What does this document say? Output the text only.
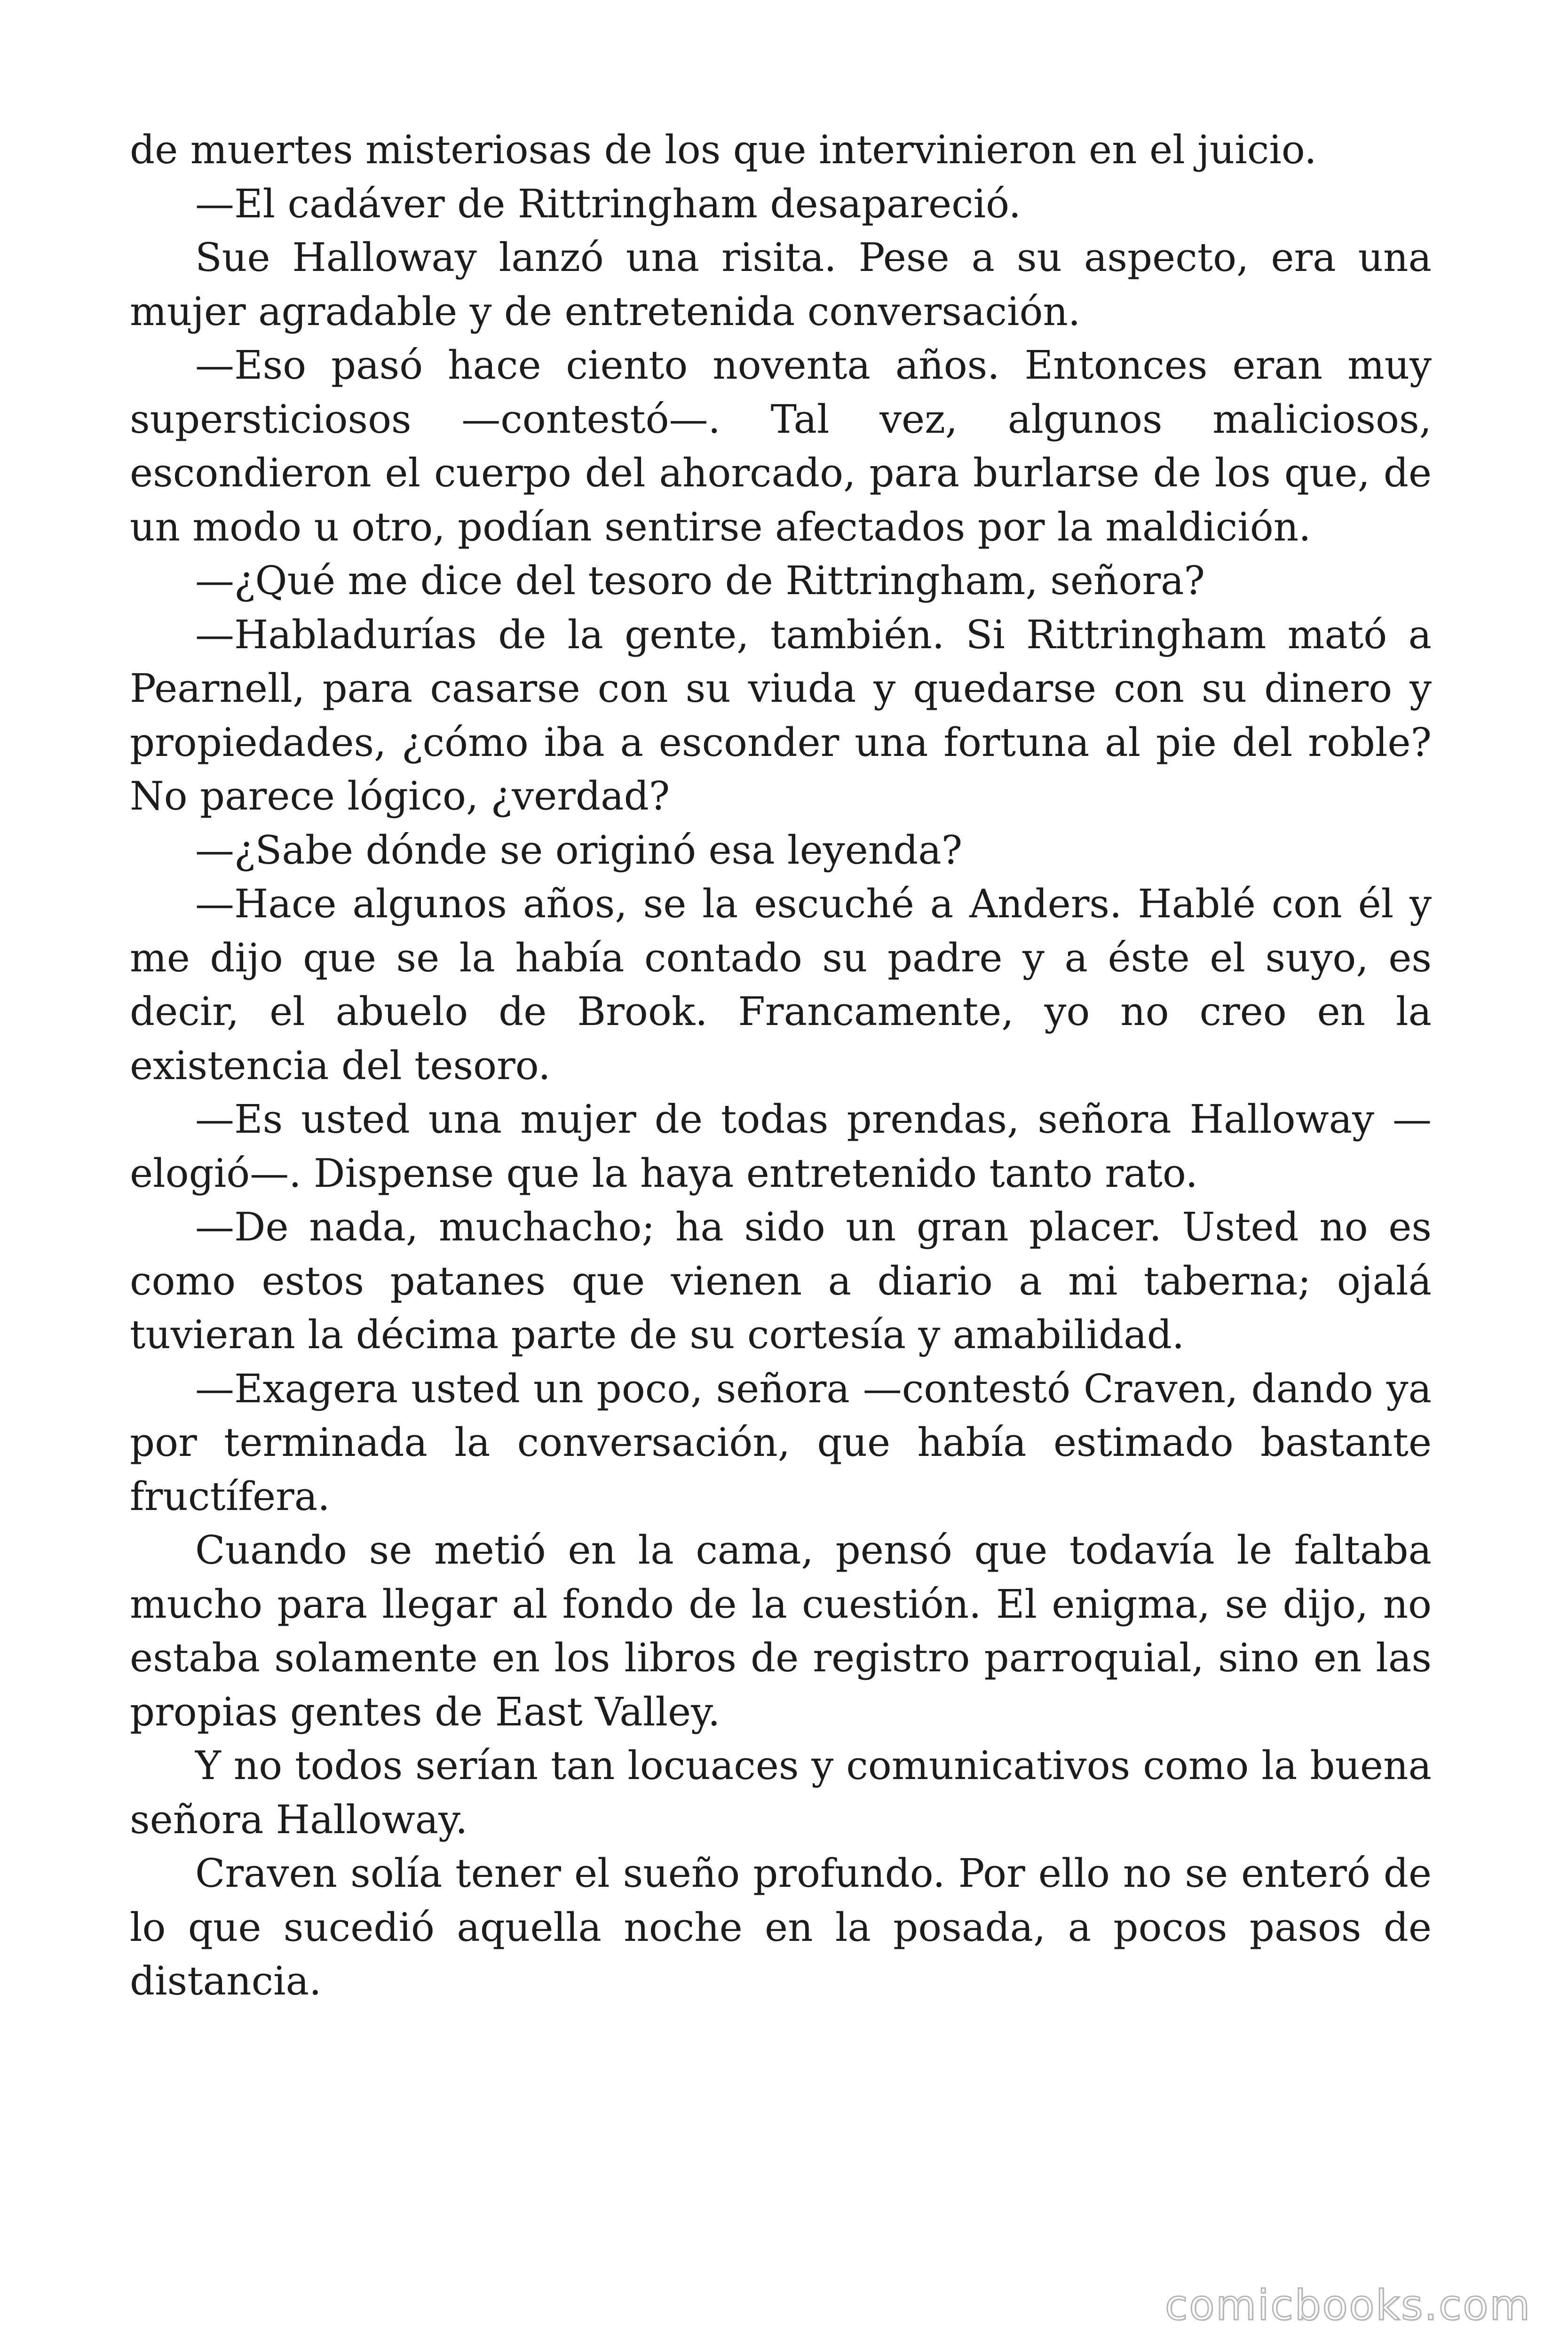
de muertes misteriosas de los que intervinieron en el juicio.

—El cadáver de Rittringham desapareció.

Sue Halloway lanzó una risita. Pese a su aspecto, era una mujer agradable y de entretenida conversación.

—Eso pasó hace ciento noventa años. Entonces eran muy supersticiosos —contestó—. Tal vez, algunos maliciosos, escondieron el cuerpo del ahorcado, para burlarse de los que, de un modo u otro, podían sentirse afectados por la maldición.

—¿Qué me dice del tesoro de Rittringham, señora?

—Habladurías de la gente, también. Si Rittringham mató a Pearnell, para casarse con su viuda y quedarse con su dinero y propiedades, ¿cómo iba a esconder una fortuna al pie del roble? No parece lógico, ¿verdad?

—¿Sabe dónde se originó esa leyenda?

—Hace algunos años, se la escuché a Anders. Hablé con él y me dijo que se la había contado su padre y a éste el suyo, es decir, el abuelo de Brook. Francamente, yo no creo en la existencia del tesoro.

—Es usted una mujer de todas prendas, señora Halloway —elogió—. Dispense que la haya entretenido tanto rato.

—De nada, muchacho; ha sido un gran placer. Usted no es como estos patanes que vienen a diario a mi taberna; ojalá tuvieran la décima parte de su cortesía y amabilidad.

—Exagera usted un poco, señora —contestó Craven, dando ya por terminada la conversación, que había estimado bastante fructífera.

Cuando se metió en la cama, pensó que todavía le faltaba mucho para llegar al fondo de la cuestión. El enigma, se dijo, no estaba solamente en los libros de registro parroquial, sino en las propias gentes de East Valley.

Y no todos serían tan locuaces y comunicativos como la buena señora Halloway.

Craven solía tener el sueño profundo. Por ello no se enteró de lo que sucedió aquella noche en la posada, a pocos pasos de distancia.

comicbooks.com
